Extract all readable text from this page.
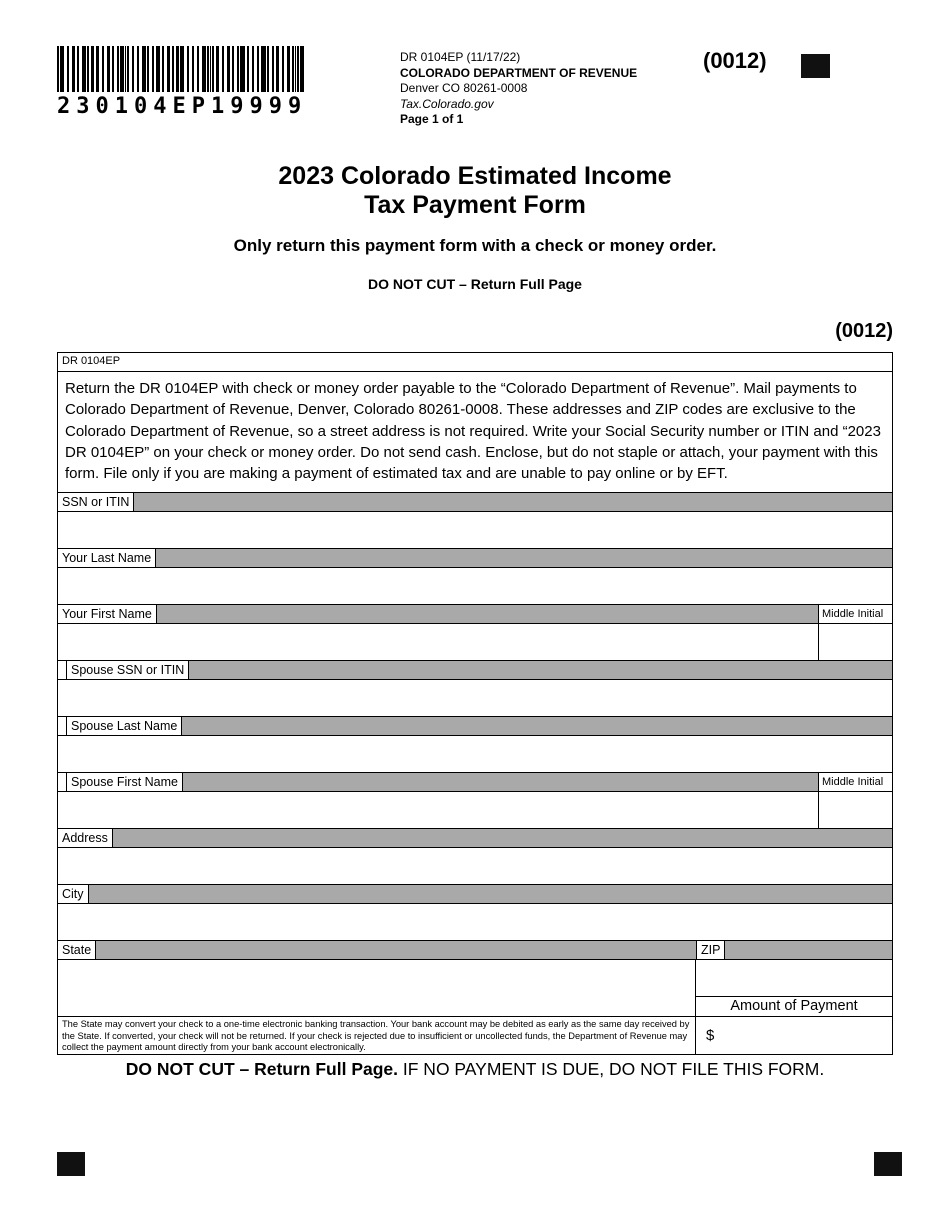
230104EP19999
DR 0104EP (11/17/22)
COLORADO DEPARTMENT OF REVENUE
Denver CO 80261-0008
Tax.Colorado.gov
Page 1 of 1
(0012)
2023 Colorado Estimated Income
Tax Payment Form
Only return this payment form with a check or money order.
DO NOT CUT – Return Full Page
(0012)
DR 0104EP
Return the DR 0104EP with check or money order payable to the “Colorado Department of Revenue”. Mail payments to Colorado Department of Revenue, Denver, Colorado 80261-0008. These addresses and ZIP codes are exclusive to the Colorado Department of Revenue, so a street address is not required. Write your Social Security number or ITIN and “2023 DR 0104EP” on your check or money order. Do not send cash. Enclose, but do not staple or attach, your payment with this form. File only if you are making a payment of estimated tax and are unable to pay online or by EFT.
SSN or ITIN
Your Last Name
Your First Name	Middle Initial
Spouse SSN or ITIN
Spouse Last Name
Spouse First Name	Middle Initial
Address
City
State	ZIP
Amount of Payment
The State may convert your check to a one-time electronic banking transaction. Your bank account may be debited as early as the same day received by the State. If converted, your check will not be returned. If your check is rejected due to insufficient or uncollected funds, the Department of Revenue may collect the payment amount directly from your bank account electronically.
$
DO NOT CUT – Return Full Page. IF NO PAYMENT IS DUE, DO NOT FILE THIS FORM.
